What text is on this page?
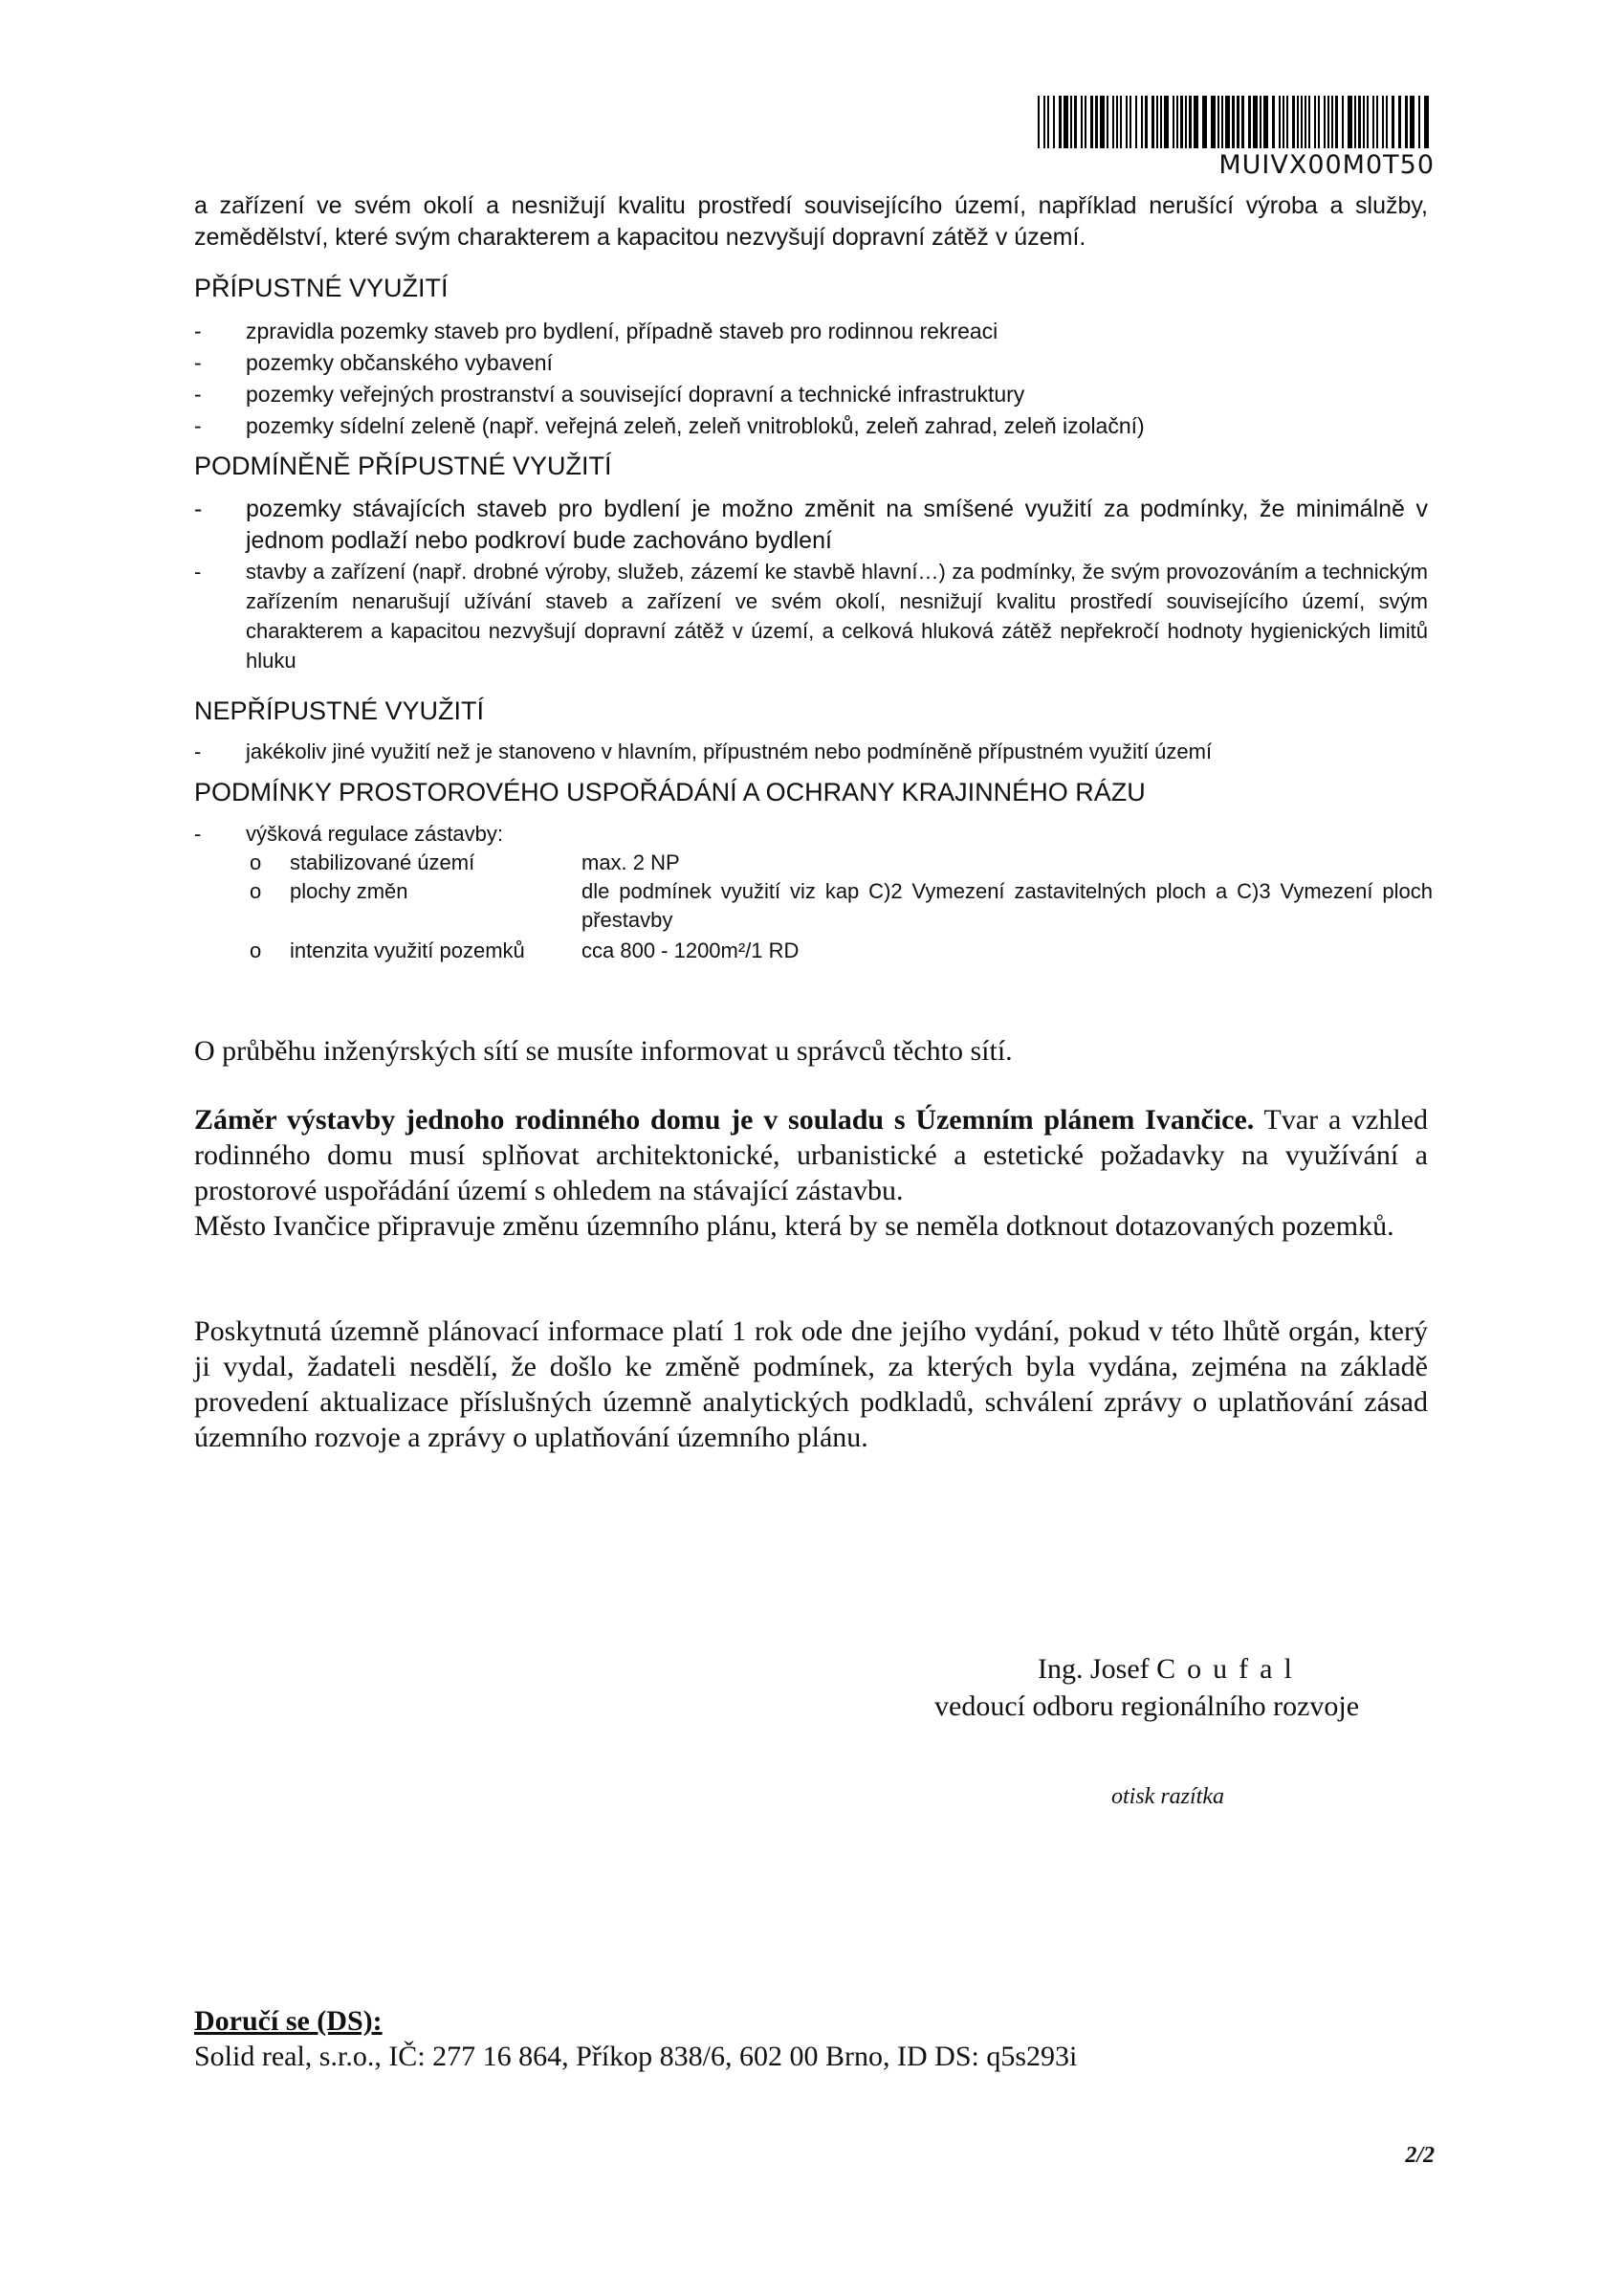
MUIVX00M0T50
a zařízení ve svém okolí a nesnižují kvalitu prostředí souvisejícího území, například nerušící výroba a služby, zemědělství, které svým charakterem a kapacitou nezvyšují dopravní zátěž v území.
PŘÍPUSTNÉ VYUŽITÍ
- zpravidla pozemky staveb pro bydlení, případně staveb pro rodinnou rekreaci
- pozemky občanského vybavení
- pozemky veřejných prostranství a související dopravní a technické infrastruktury
- pozemky sídelní zeleně (např. veřejná zeleň, zeleň vnitrobloků, zeleň zahrad, zeleň izolační)
PODMÍNĚNĚ PŘÍPUSTNÉ VYUŽITÍ
- pozemky stávajících staveb pro bydlení je možno změnit na smíšené využití za podmínky, že minimálně v jednom podlaží nebo podkroví bude zachováno bydlení
- stavby a zařízení (např. drobné výroby, služeb, zázemí ke stavbě hlavní…) za podmínky, že svým provozováním a technickým zařízením nenarušují užívání staveb a zařízení ve svém okolí, nesnižují kvalitu prostředí souvisejícího území, svým charakterem a kapacitou nezvyšují dopravní zátěž v území, a celková hluková zátěž nepřekročí hodnoty hygienických limitů hluku
NEPŘÍPUSTNÉ VYUŽITÍ
- jakékoliv jiné využití než je stanoveno v hlavním, přípustném nebo podmíněně přípustném využití území
PODMÍNKY PROSTOROVÉHO USPOŘÁDÁNÍ A OCHRANY KRAJINNÉHO RÁZU
- výšková regulace zástavby:
o stabilizované území	max. 2 NP
o plochy změn	dle podmínek využití viz kap C)2 Vymezení zastavitelných ploch a C)3 Vymezení ploch přestavby
o intenzita využití pozemků	cca 800 - 1200m²/1 RD

O průběhu inženýrských sítí se musíte informovat u správců těchto sítí.

Záměr výstavby jednoho rodinného domu je v souladu s Územním plánem Ivančice. Tvar a vzhled rodinného domu musí splňovat architektonické, urbanistické a estetické požadavky na využívání a prostorové uspořádání území s ohledem na stávající zástavbu.

Město Ivančice připravuje změnu územního plánu, která by se neměla dotknout dotazovaných pozemků.

Poskytnutá územně plánovací informace platí 1 rok ode dne jejího vydání, pokud v této lhůtě orgán, který ji vydal, žadateli nesdělí, že došlo ke změně podmínek, za kterých byla vydána, zejména na základě provedení aktualizace příslušných územně analytických podkladů, schválení zprávy o uplatňování zásad územního rozvoje a zprávy o uplatňování územního plánu.

Ing. Josef Coufal
vedoucí odboru regionálního rozvoje
otisk razítka
Doručí se (DS):
Solid real, s.r.o., IČ: 277 16 864, Příkop 838/6, 602 00 Brno, ID DS: q5s293i
2/2
